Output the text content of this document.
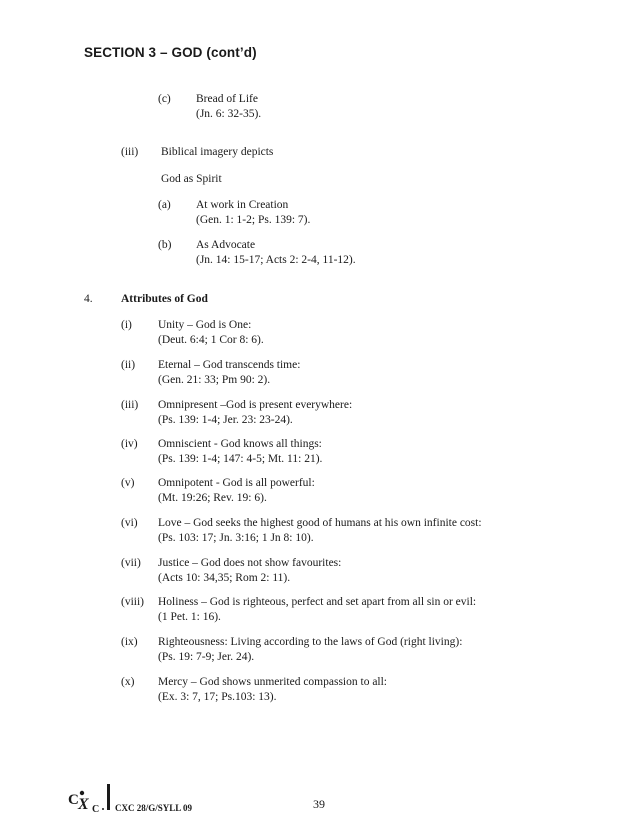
SECTION 3 – GOD (cont’d)
(c) Bread of Life
(Jn. 6: 32-35).
(iii) Biblical imagery depicts
God as Spirit
(a) At work in Creation
(Gen. 1: 1-2; Ps. 139: 7).
(b) As Advocate
(Jn. 14: 15-17; Acts 2: 2-4, 11-12).
4. Attributes of God
(i) Unity – God is One:
(Deut. 6:4; 1 Cor 8: 6).
(ii) Eternal – God transcends time:
(Gen. 21: 33; Pm 90: 2).
(iii) Omnipresent –God is present everywhere:
(Ps. 139: 1-4; Jer. 23: 23-24).
(iv) Omniscient - God knows all things:
(Ps. 139: 1-4; 147: 4-5; Mt. 11: 21).
(v) Omnipotent - God is all powerful:
(Mt. 19:26; Rev. 19: 6).
(vi) Love – God seeks the highest good of humans at his own infinite cost:
(Ps. 103: 17; Jn. 3:16; 1 Jn 8: 10).
(vii) Justice – God does not show favourites:
(Acts 10: 34,35; Rom 2: 11).
(viii) Holiness – God is righteous, perfect and set apart from all sin or evil:
(1 Pet. 1: 16).
(ix) Righteousness: Living according to the laws of God (right living):
(Ps. 19: 7-9; Jer. 24).
(x) Mercy – God shows unmerited compassion to all:
(Ex. 3: 7, 17; Ps.103: 13).
C X C CXC 28/G/SYLL 09	39
